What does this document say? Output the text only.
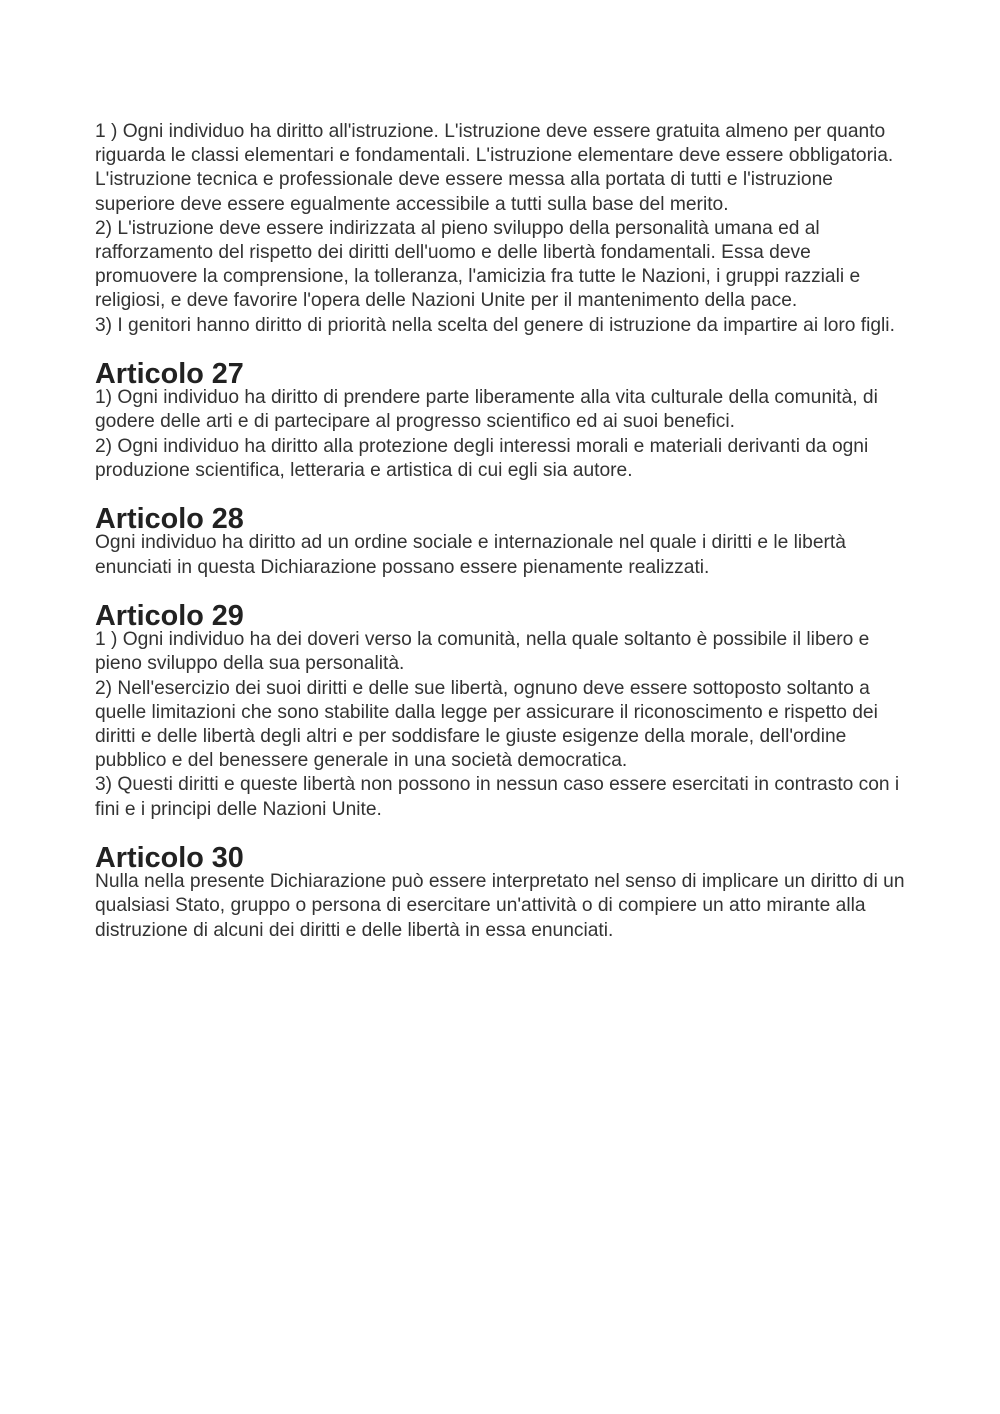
1 ) Ogni individuo ha diritto all'istruzione. L'istruzione deve essere gratuita almeno per quanto riguarda le classi elementari e fondamentali. L'istruzione elementare deve essere obbligatoria. L'istruzione tecnica e professionale deve essere messa alla portata di tutti e l'istruzione superiore deve essere egualmente accessibile a tutti sulla base del merito.

2) L'istruzione deve essere indirizzata al pieno sviluppo della personalità umana ed al rafforzamento del rispetto dei diritti dell'uomo e delle libertà fondamentali. Essa deve promuovere la comprensione, la tolleranza, l'amicizia fra tutte le Nazioni, i gruppi razziali e religiosi, e deve favorire l'opera delle Nazioni Unite per il mantenimento della pace.

3) I genitori hanno diritto di priorità nella scelta del genere di istruzione da impartire ai loro figli.

Articolo 27

1) Ogni individuo ha diritto di prendere parte liberamente alla vita culturale della comunità, di godere delle arti e di partecipare al progresso scientifico ed ai suoi benefici.

2) Ogni individuo ha diritto alla protezione degli interessi morali e materiali derivanti da ogni produzione scientifica, letteraria e artistica di cui egli sia autore.

Articolo 28

Ogni individuo ha diritto ad un ordine sociale e internazionale nel quale i diritti e le libertà enunciati in questa Dichiarazione possano essere pienamente realizzati.

Articolo 29

1 ) Ogni individuo ha dei doveri verso la comunità, nella quale soltanto è possibile il libero e pieno sviluppo della sua personalità.

2) Nell'esercizio dei suoi diritti e delle sue libertà, ognuno deve essere sottoposto soltanto a quelle limitazioni che sono stabilite dalla legge per assicurare il riconoscimento e rispetto dei diritti e delle libertà degli altri e per soddisfare le giuste esigenze della morale, dell'ordine pubblico e del benessere generale in una società democratica.

3) Questi diritti e queste libertà non possono in nessun caso essere esercitati in contrasto con i fini e i principi delle Nazioni Unite.

Articolo 30

Nulla nella presente Dichiarazione può essere interpretato nel senso di implicare un diritto di un qualsiasi Stato, gruppo o persona di esercitare un'attività o di compiere un atto mirante alla distruzione di alcuni dei diritti e delle libertà in essa enunciati.
